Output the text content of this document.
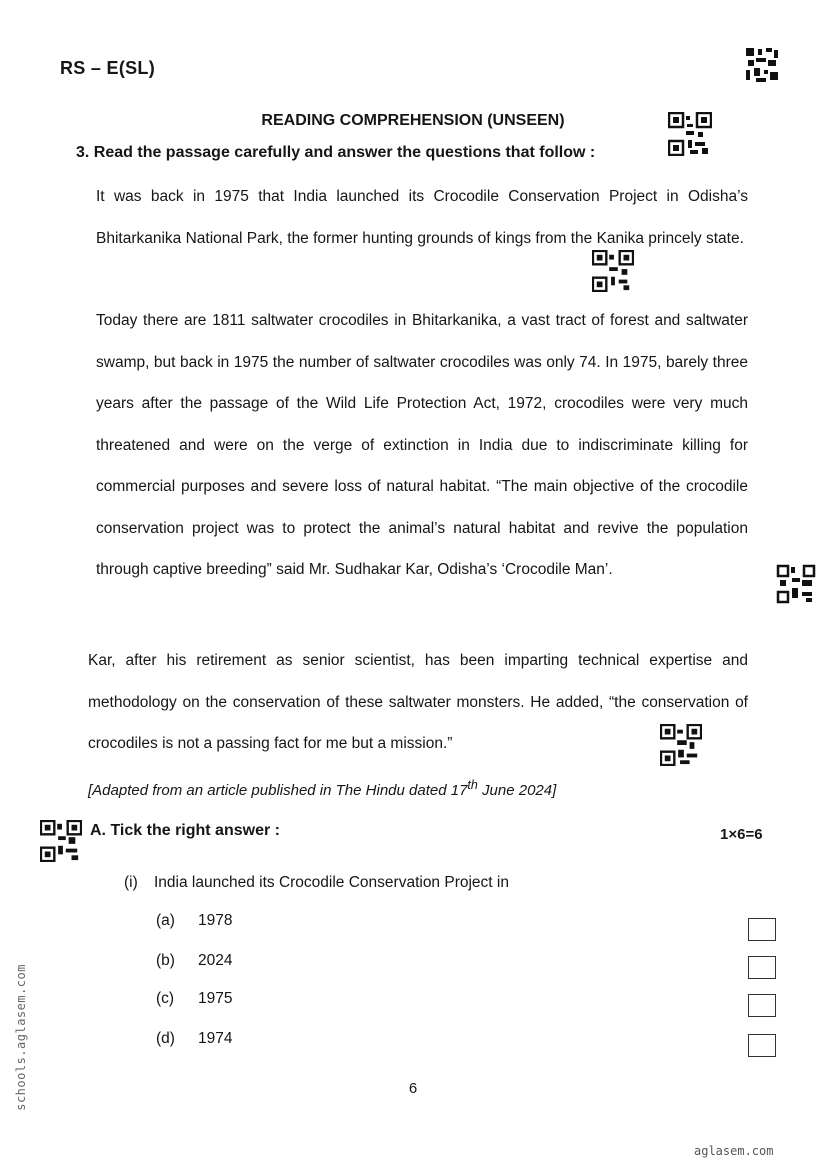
RS – E(SL)
READING COMPREHENSION (UNSEEN)
3. Read the passage carefully and answer the questions that follow :
It was back in 1975 that India launched its Crocodile Conservation Project in Odisha’s Bhitarkanika National Park, the former hunting grounds of kings from the Kanika princely state.
Today there are 1811 saltwater crocodiles in Bhitarkanika, a vast tract of forest and saltwater swamp, but back in 1975 the number of saltwater crocodiles was only 74. In 1975, barely three years after the passage of the Wild Life Protection Act, 1972, crocodiles were very much threatened and were on the verge of extinction in India due to indiscriminate killing for commercial purposes and severe loss of natural habitat. “The main objective of the crocodile conservation project was to protect the animal’s natural habitat and revive the population through captive breeding” said Mr. Sudhakar Kar, Odisha’s ‘Crocodile Man’.
Kar, after his retirement as senior scientist, has been imparting technical expertise and methodology on the conservation of these saltwater monsters. He added, “the conservation of crocodiles is not a passing fact for me but a mission.”
[Adapted from an article published in The Hindu dated 17th June 2024]
A. Tick the right answer :	1×6=6
(i) India launched its Crocodile Conservation Project in
(a) 1978
(b) 2024
(c) 1975
(d) 1974
6
schools.aglasem.com
aglasem.com
